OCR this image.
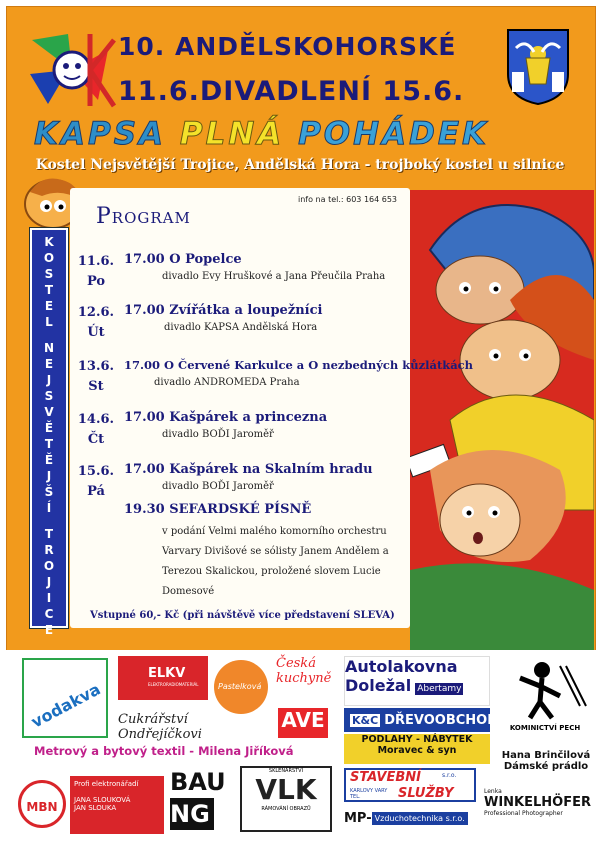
10. ANDĚLSKOHORSKÉ
11.6.DIVADLENÍ 15.6.
KAPSA PLNÁ POHÁDEK
Kostel Nejsvětější Trojice, Andělská Hora - trojboký kostel u silnice
K
O
S
T
E
L
N
E
J
S
V
Ě
T
Ě
J
Š
Í
T
R
O
J
I
C
E
info na tel.: 603 164 653
Program
11.6.
Po
17.00 O Popelce
divadlo Evy Hruškové a Jana Přeučila Praha
12.6.
Út
17.00 Zvířátka a loupežníci
divadlo KAPSA Andělská Hora
13.6.
St
17.00 O Červené Karkulce a O nezbedných kůzlátkách
divadlo ANDROMEDA Praha
14.6.
Čt
17.00 Kašpárek a princezna
divadlo BOĎI Jaroměř
15.6.
Pá
17.00 Kašpárek na Skalním hradu
divadlo BOĎI Jaroměř
19.30 SEFARDSKÉ PÍSNĚ
v podání Velmi malého komorního orchestru Varvary Divišové se sólisty Janem Andělem a Terezou Skalickou, proložené slovem Lucie Domesové
Vstupné 60,- Kč (při návštěvě více představení SLEVA)
vodakva
ELKV
ELEKTRORADIOMATERIÁL Pastelková
Česká
kuchyně
Autolakovna
Doležal Abertamy
KOMINICTVÍ PECH
Cukrářství Ondřejíčkovi
AVE	K&C DŘEVOOBCHOD
Metrový a bytový textil - Milena Jiříková
PODLAHY - NÁBYTEK
Moravec & syn	Hana Brinčilová
Dámské prádlo
MBN
Profi elektronářadí
JANA SLOUKOVÁ
JAN SLOUKA
BAU
NG
SKLENÁŘSTVÍ
VLK
RÁMOVÁNÍ OBRAZŮ
STAVEBNÍ	s.r.o.
KARLOVY VARY
TEL.	SLUŽBY
MP- Vzduchotechnika s.r.o.
Lenka
WINKELHÖFER
Professional Photographer
